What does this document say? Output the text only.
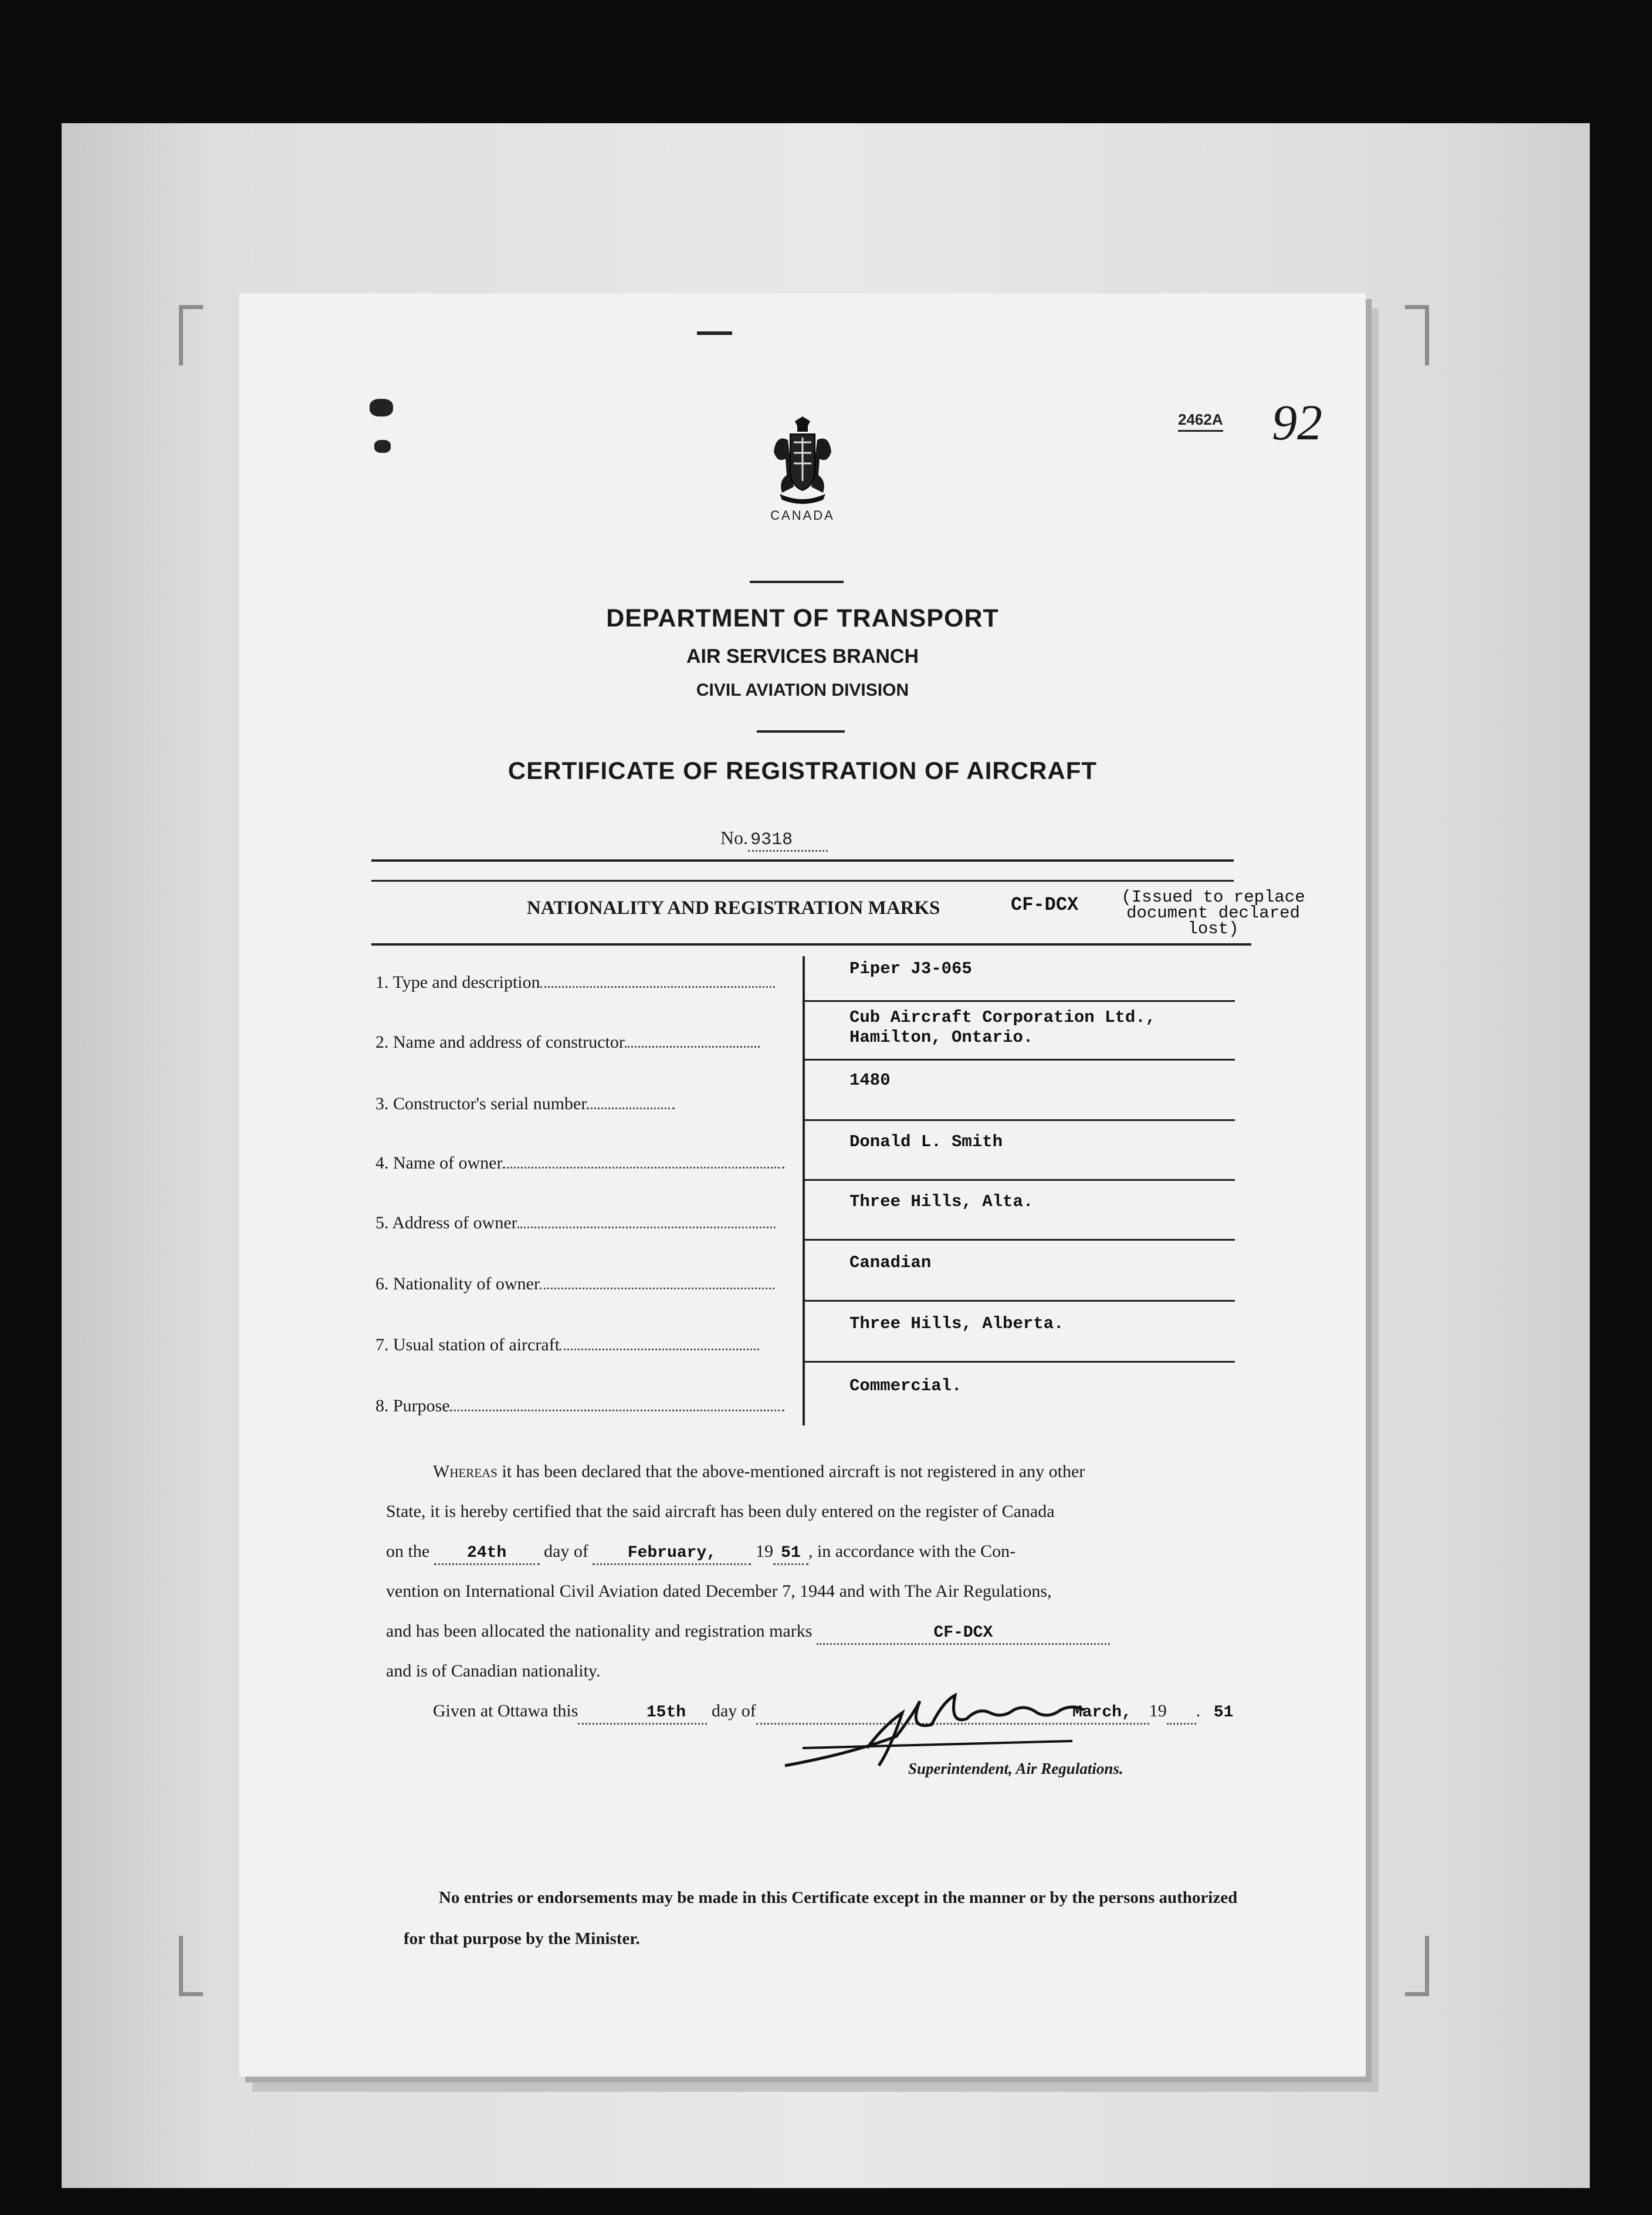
2462A 92
CANADA
DEPARTMENT OF TRANSPORT
AIR SERVICES BRANCH
CIVIL AVIATION DIVISION
CERTIFICATE OF REGISTRATION OF AIRCRAFT
No. 9318
NATIONALITY AND REGISTRATION MARKS	CF-DCX	(Issued to replace document declared lost)
1. Type and description
Piper J3-065
2. Name and address of constructor
Cub Aircraft Corporation Ltd.,
Hamilton, Ontario.
3. Constructor's serial number
1480
4. Name of owner
Donald L. Smith
5. Address of owner
Three Hills, Alta.
6. Nationality of owner
Canadian
7. Usual station of aircraft
Three Hills, Alberta.
8. Purpose
Commercial.
Whereas it has been declared that the above-mentioned aircraft is not registered in any other
State, it is hereby certified that the said aircraft has been duly entered on the register of Canada
on the 24th day of February, 19 51 , in accordance with the Con-
vention on International Civil Aviation dated December 7, 1944 and with The Air Regulations,
and has been allocated the nationality and registration marks	CF-DCX
and is of Canadian nationality.
Given at Ottawa this	15th day of	March, 19	51.
Superintendent, Air Regulations.
No entries or endorsements may be made in this Certificate except in the manner or by the persons authorized for that purpose by the Minister.
